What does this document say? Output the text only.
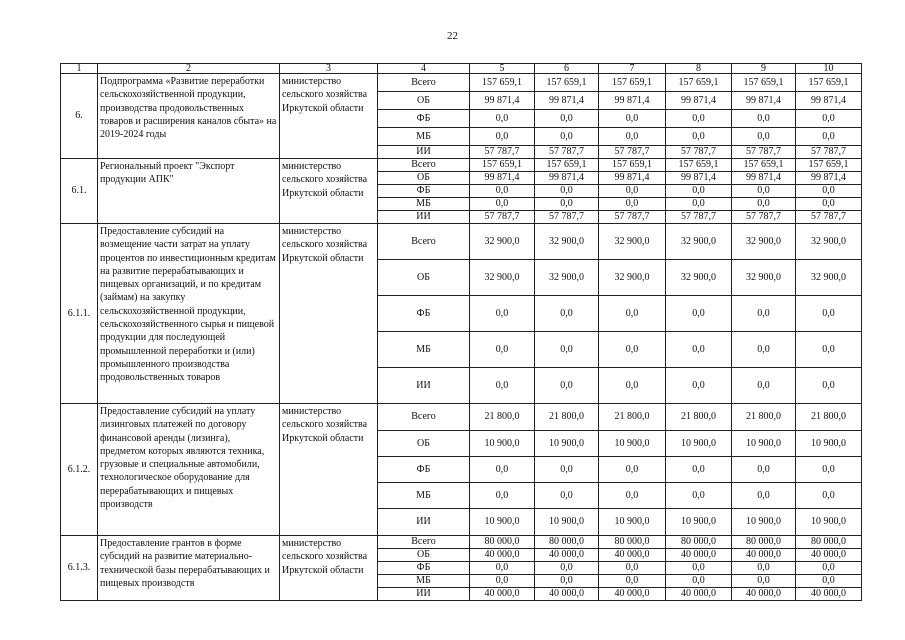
22
1	2	3	4	5	6	7	8	9	10
6.	Подпрограмма «Развитие переработки сельскохозяйственной продукции, производства продовольственных товаров и расширения каналов сбыта» на 2019-2024 годы	министерство сельского хозяйства Иркутской области	Всего	157 659,1	157 659,1	157 659,1	157 659,1	157 659,1	157 659,1
			ОБ	99 871,4	99 871,4	99 871,4	99 871,4	99 871,4	99 871,4
			ФБ	0,0	0,0	0,0	0,0	0,0	0,0
			МБ	0,0	0,0	0,0	0,0	0,0	0,0
			ИИ	57 787,7	57 787,7	57 787,7	57 787,7	57 787,7	57 787,7
6.1.	Региональный проект "Экспорт продукции АПК"	министерство сельского хозяйства Иркутской области	Всего	157 659,1	157 659,1	157 659,1	157 659,1	157 659,1	157 659,1
			ОБ	99 871,4	99 871,4	99 871,4	99 871,4	99 871,4	99 871,4
			ФБ	0,0	0,0	0,0	0,0	0,0	0,0
			МБ	0,0	0,0	0,0	0,0	0,0	0,0
			ИИ	57 787,7	57 787,7	57 787,7	57 787,7	57 787,7	57 787,7
6.1.1.	Предоставление субсидий на возмещение части затрат на уплату процентов по инвестиционным кредитам на развитие перерабатывающих и пищевых организаций, и по кредитам (займам) на закупку сельскохозяйственной продукции, сельскохозяйственного сырья и пищевой продукции для последующей промышленной переработки и (или) промышленного производства продовольственных товаров	министерство сельского хозяйства Иркутской области	Всего	32 900,0	32 900,0	32 900,0	32 900,0	32 900,0	32 900,0
			ОБ	32 900,0	32 900,0	32 900,0	32 900,0	32 900,0	32 900,0
			ФБ	0,0	0,0	0,0	0,0	0,0	0,0
			МБ	0,0	0,0	0,0	0,0	0,0	0,0
			ИИ	0,0	0,0	0,0	0,0	0,0	0,0
6.1.2.	Предоставление субсидий на уплату лизинговых платежей по договору финансовой аренды (лизинга), предметом которых являются техника, грузовые и специальные автомобили, технологическое оборудование для перерабатывающих и пищевых производств	министерство сельского хозяйства Иркутской области	Всего	21 800,0	21 800,0	21 800,0	21 800,0	21 800,0	21 800,0
			ОБ	10 900,0	10 900,0	10 900,0	10 900,0	10 900,0	10 900,0
			ФБ	0,0	0,0	0,0	0,0	0,0	0,0
			МБ	0,0	0,0	0,0	0,0	0,0	0,0
			ИИ	10 900,0	10 900,0	10 900,0	10 900,0	10 900,0	10 900,0
6.1.3.	Предоставление грантов в форме субсидий на развитие материально-технической базы перерабатывающих и пищевых производств	министерство сельского хозяйства Иркутской области	Всего	80 000,0	80 000,0	80 000,0	80 000,0	80 000,0	80 000,0
			ОБ	40 000,0	40 000,0	40 000,0	40 000,0	40 000,0	40 000,0
			ФБ	0,0	0,0	0,0	0,0	0,0	0,0
			МБ	0,0	0,0	0,0	0,0	0,0	0,0
			ИИ	40 000,0	40 000,0	40 000,0	40 000,0	40 000,0	40 000,0
